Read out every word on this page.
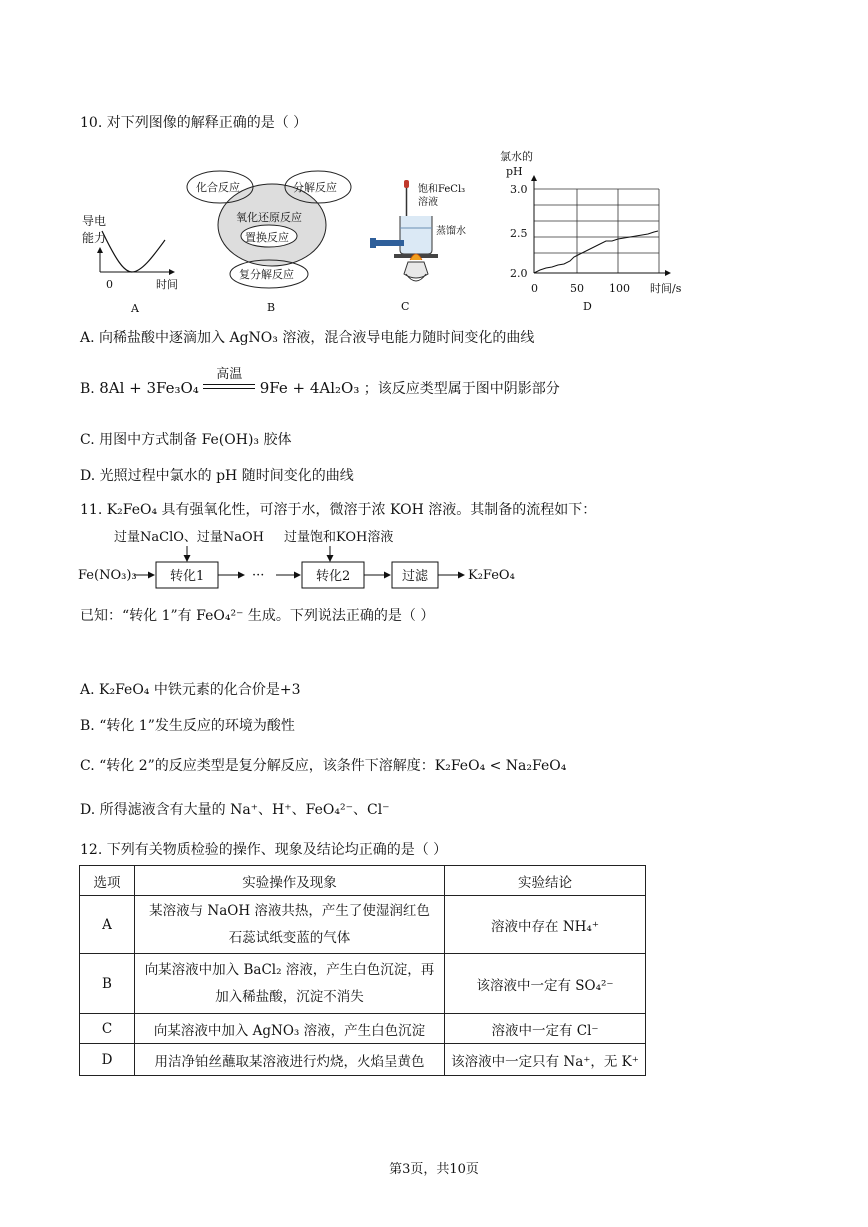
10. 对下列图像的解释正确的是（ ）
导电
能力
0	时间
A
化合反应	分解反应
氧化还原反应
置换反应
复分解反应
B
饱和FeCl₃
溶液
蒸馏水
C
氯水的
pH
3.0
2.5
2.0
0	50 100 时间/s
D
A. 向稀盐酸中逐滴加入 AgNO₃ 溶液，混合液导电能力随时间变化的曲线
B. 8Al + 3Fe₃O₄
高温
9Fe + 4Al₂O₃ ；该反应类型属于图中阴影部分
C. 用图中方式制备 Fe(OH)₃ 胶体
D. 光照过程中氯水的 pH 随时间变化的曲线
11. K₂FeO₄ 具有强氧化性，可溶于水，微溶于浓 KOH 溶液。其制备的流程如下：
过量NaClO、过量NaOH 过量饱和KOH溶液
Fe(NO₃)₃	转化1	···	转化2	过滤	K₂FeO₄
已知：“转化 1”有 FeO₄²⁻ 生成。下列说法正确的是（ ）
A. K₂FeO₄ 中铁元素的化合价是+3
B. “转化 1”发生反应的环境为酸性
C. “转化 2”的反应类型是复分解反应，该条件下溶解度：K₂FeO₄ < Na₂FeO₄
D. 所得滤液含有大量的 Na⁺、H⁺、FeO₄²⁻、Cl⁻
12. 下列有关物质检验的操作、现象及结论均正确的是（ ）
选项	实验操作及现象	实验结论
A	某溶液与 NaOH 溶液共热，产生了使湿润红色
石蕊试纸变蓝的气体	溶液中存在 NH₄⁺
B	向某溶液中加入 BaCl₂ 溶液，产生白色沉淀，再
加入稀盐酸，沉淀不消失	该溶液中一定有 SO₄²⁻
C	向某溶液中加入 AgNO₃ 溶液，产生白色沉淀	溶液中一定有 Cl⁻
D	用洁净铂丝蘸取某溶液进行灼烧，火焰呈黄色	该溶液中一定只有 Na⁺，无 K⁺
第3页，共10页
